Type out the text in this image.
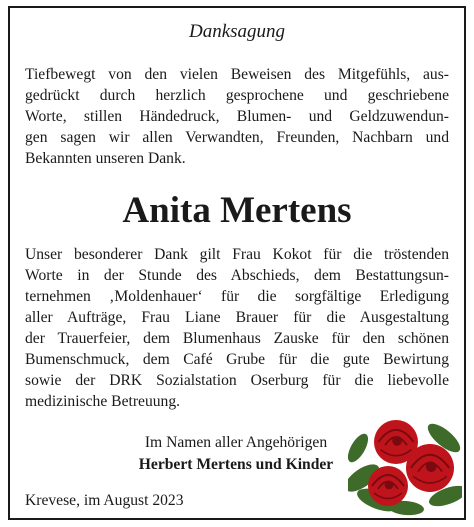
Danksagung

Tiefbewegt von den vielen Beweisen des Mitgefühls, aus-
gedrückt durch herzlich gesprochene und geschriebene
Worte, stillen Händedruck, Blumen- und Geldzuwendun-
gen sagen wir allen Verwandten, Freunden, Nachbarn und
Bekannten unseren Dank.

Anita Mertens

Unser besonderer Dank gilt Frau Kokot für die tröstenden
Worte in der Stunde des Abschieds, dem Bestattungsun-
ternehmen ‚Moldenhauer‘ für die sorgfältige Erledigung
aller Aufträge, Frau Liane Brauer für die Ausgestaltung
der Trauerfeier, dem Blumenhaus Zauske für den schönen
Bumenschmuck, dem Café Grube für die gute Bewirtung
sowie der DRK Sozialstation Oserburg für die liebevolle
medizinische Betreuung.

Im Namen aller Angehörigen
Herbert Mertens und Kinder
Krevese, im August 2023
